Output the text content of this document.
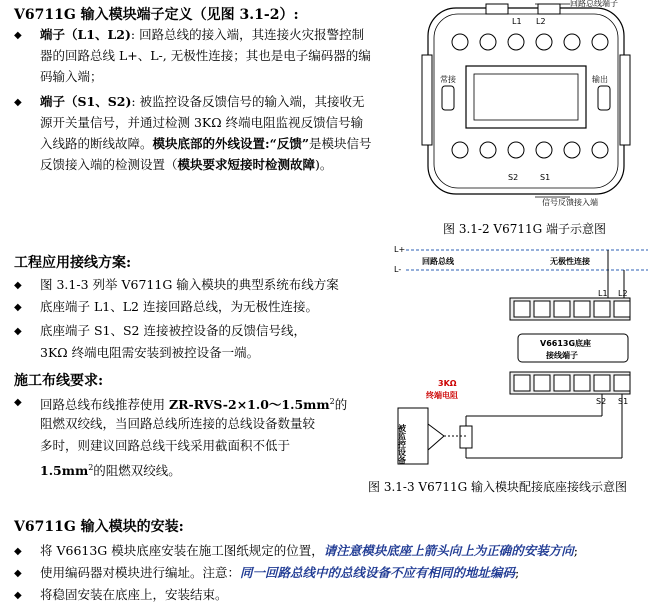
V6711G 输入模块端子定义（见图 3.1-2）:
◆ 端子（L1、L2): 回路总线的接入端，其连接火灾报警控制器的回路总线 L+、L-, 无极性连接；其也是电子编码器的编码输入端；
◆ 端子（S1、S2): 被监控设备反馈信号的输入端，其接收无源开关量信号，并通过检测 3KΩ 终端电阻监视反馈信号输入线路的断线故障。模块底部的外线设置:“反馈”是模块信号反馈接入端的检测设置（模块要求短接时检测故障)。
回路总线端子
信号反馈接入端
常接	输出
S2	S1
L1 L2
图 3.1-2 V6711G 端子示意图
工程应用接线方案:
◆ 图 3.1-3 列举 V6711G 输入模块的典型系统布线方案
◆ 底座端子 L1、L2 连接回路总线，为无极性连接。
◆ 底座端子 S1、S2 连接被控设备的反馈信号线，
3KΩ 终端电阻需安装到被控设备一端。
施工布线要求:
◆ 回路总线布线推荐使用 $ZR-RVS-2\times 1.0\sim 1.5mm^2$的
阻燃双绞线，当回路总线所连接的总线设备数量较
多时，则建议回路总线干线采用截面积不低于
$1.5mm^2$的阻燃双绞线。
L+
L-
回路总线	无极性连接
L1 L2
V6613G底座
接线端子
S2 S1
3KΩ
终端电阻
被监控设备
图 3.1-3 V6711G 输入模块配接底座接线示意图
V6711G 输入模块的安装:
◆ 将 V6613G 模块底座安装在施工图纸规定的位置，请注意模块底座上箭头向上为正确的安装方向;
◆ 使用编码器对模块进行编址。注意：同一回路总线中的总线设备不应有相同的地址编码;
◆ 将稳固安装在底座上，安装结束。
